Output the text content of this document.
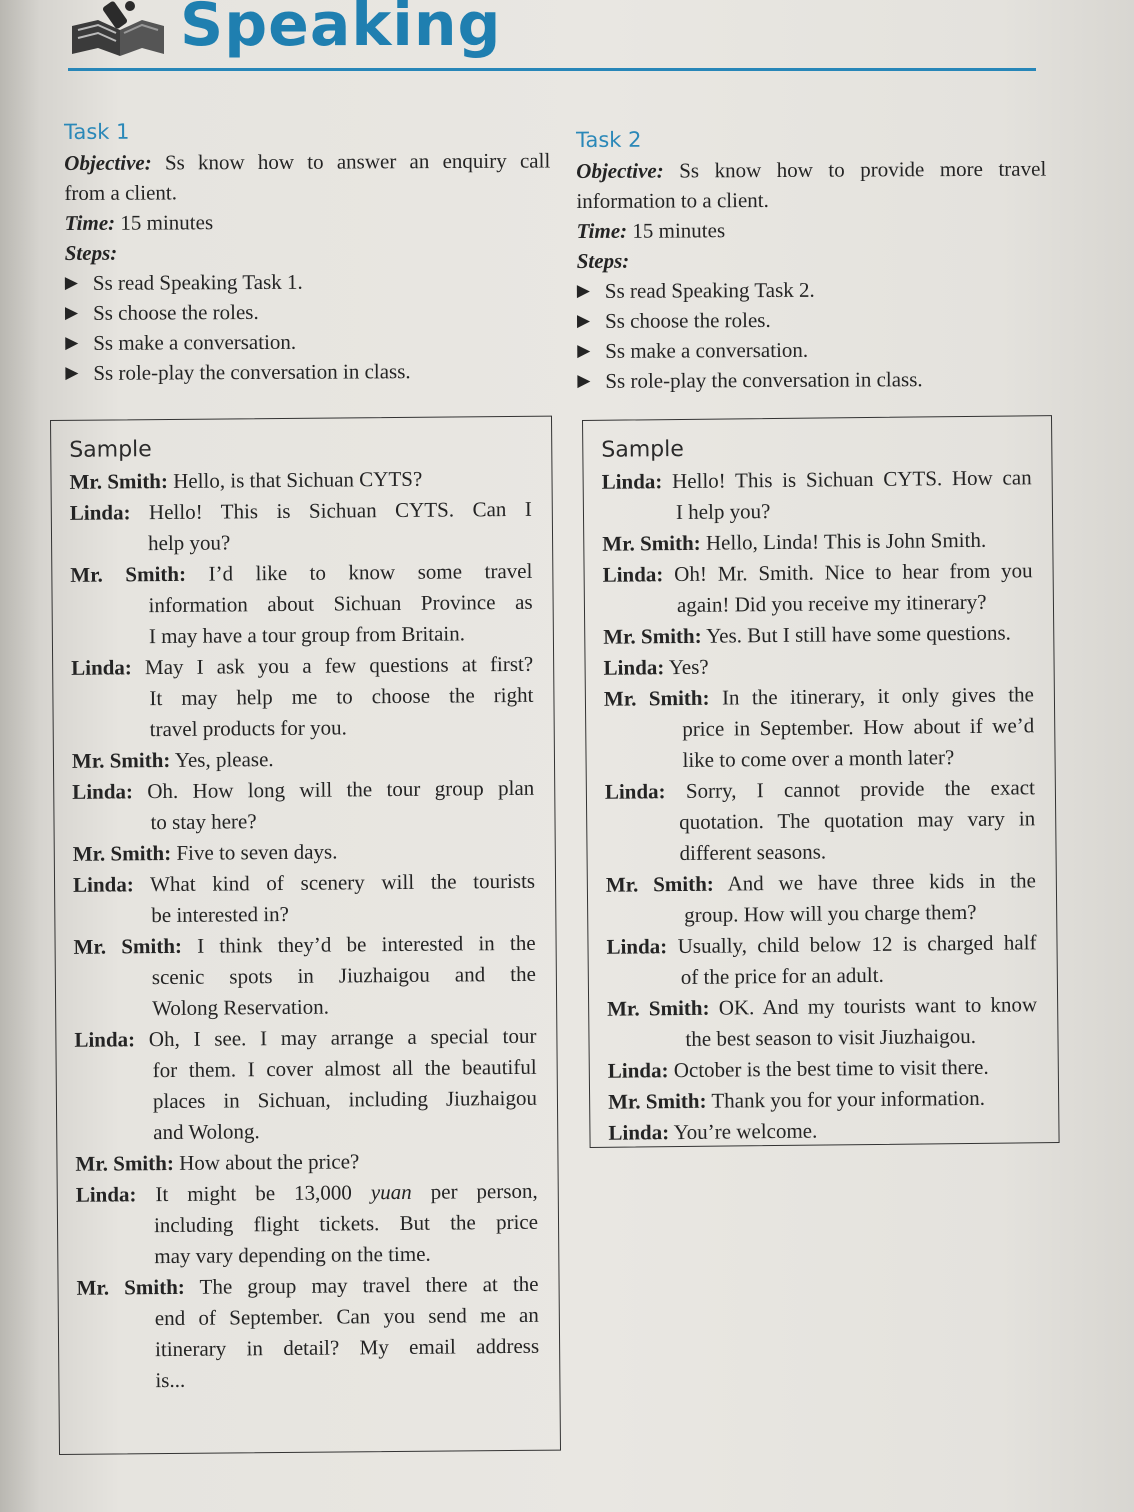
Speaking
Task 1
Objective: Ss know how to answer an enquiry call
from a client.
Time: 15 minutes
Steps:
▶ Ss read Speaking Task 1.
▶ Ss choose the roles.
▶ Ss make a conversation.
▶ Ss role-play the conversation in class.
Task 2
Objective: Ss know how to provide more travel
information to a client.
Time: 15 minutes
Steps:
▶ Ss read Speaking Task 2.
▶ Ss choose the roles.
▶ Ss make a conversation.
▶ Ss role-play the conversation in class.
Sample
Mr. Smith: Hello, is that Sichuan CYTS?
Linda: Hello! This is Sichuan CYTS. Can I
help you?
Mr. Smith: I’d like to know some travel
information about Sichuan Province as
I may have a tour group from Britain.
Linda: May I ask you a few questions at first?
It may help me to choose the right
travel products for you.
Mr. Smith: Yes, please.
Linda: Oh. How long will the tour group plan
to stay here?
Mr. Smith: Five to seven days.
Linda: What kind of scenery will the tourists
be interested in?
Mr. Smith: I think they’d be interested in the
scenic spots in Jiuzhaigou and the
Wolong Reservation.
Linda: Oh, I see. I may arrange a special tour
for them. I cover almost all the beautiful
places in Sichuan, including Jiuzhaigou
and Wolong.
Mr. Smith: How about the price?
Linda: It might be 13,000 yuan per person,
including flight tickets. But the price
may vary depending on the time.
Mr. Smith: The group may travel there at the
end of September. Can you send me an
itinerary in detail? My email address
is...
Sample
Linda: Hello! This is Sichuan CYTS. How can
I help you?
Mr. Smith: Hello, Linda! This is John Smith.
Linda: Oh! Mr. Smith. Nice to hear from you
again! Did you receive my itinerary?
Mr. Smith: Yes. But I still have some questions.
Linda: Yes?
Mr. Smith: In the itinerary, it only gives the
price in September. How about if we’d
like to come over a month later?
Linda: Sorry, I cannot provide the exact
quotation. The quotation may vary in
different seasons.
Mr. Smith: And we have three kids in the
group. How will you charge them?
Linda: Usually, child below 12 is charged half
of the price for an adult.
Mr. Smith: OK. And my tourists want to know
the best season to visit Jiuzhaigou.
Linda: October is the best time to visit there.
Mr. Smith: Thank you for your information.
Linda: You’re welcome.
